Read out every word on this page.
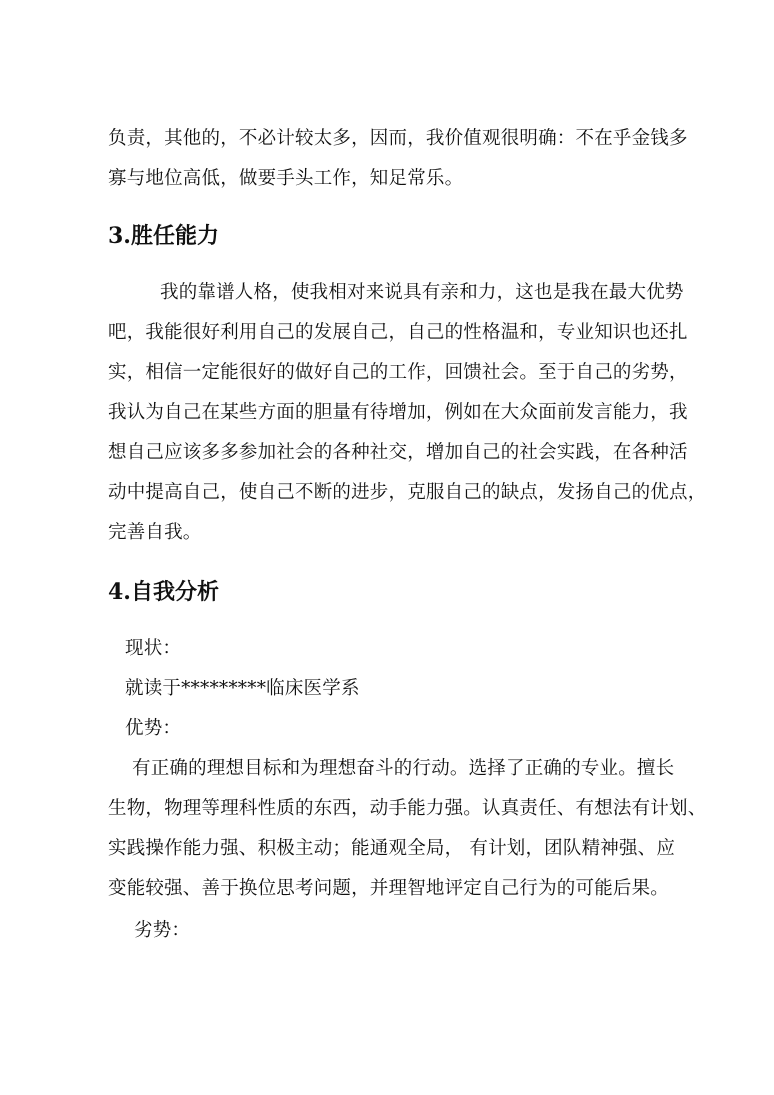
负责，其他的，不必计较太多，因而，我价值观很明确：不在乎金钱多
寡与地位高低，做要手头工作，知足常乐。
3.胜任能力
我的靠谱人格，使我相对来说具有亲和力，这也是我在最大优势
吧，我能很好利用自己的发展自己，自己的性格温和，专业知识也还扎
实，相信一定能很好的做好自己的工作，回馈社会。至于自己的劣势，
我认为自己在某些方面的胆量有待增加，例如在大众面前发言能力，我
想自己应该多多参加社会的各种社交，增加自己的社会实践，在各种活
动中提高自己，使自己不断的进步，克服自己的缺点，发扬自己的优点，
完善自我。
4.自我分析
现状：
就读于*********临床医学系
优势：
有正确的理想目标和为理想奋斗的行动。选择了正确的专业。擅长
生物，物理等理科性质的东西，动手能力强。认真责任、有想法有计划、
实践操作能力强、积极主动；能通观全局， 有计划，团队精神强、应
变能较强、善于换位思考问题，并理智地评定自己行为的可能后果。
劣势：
